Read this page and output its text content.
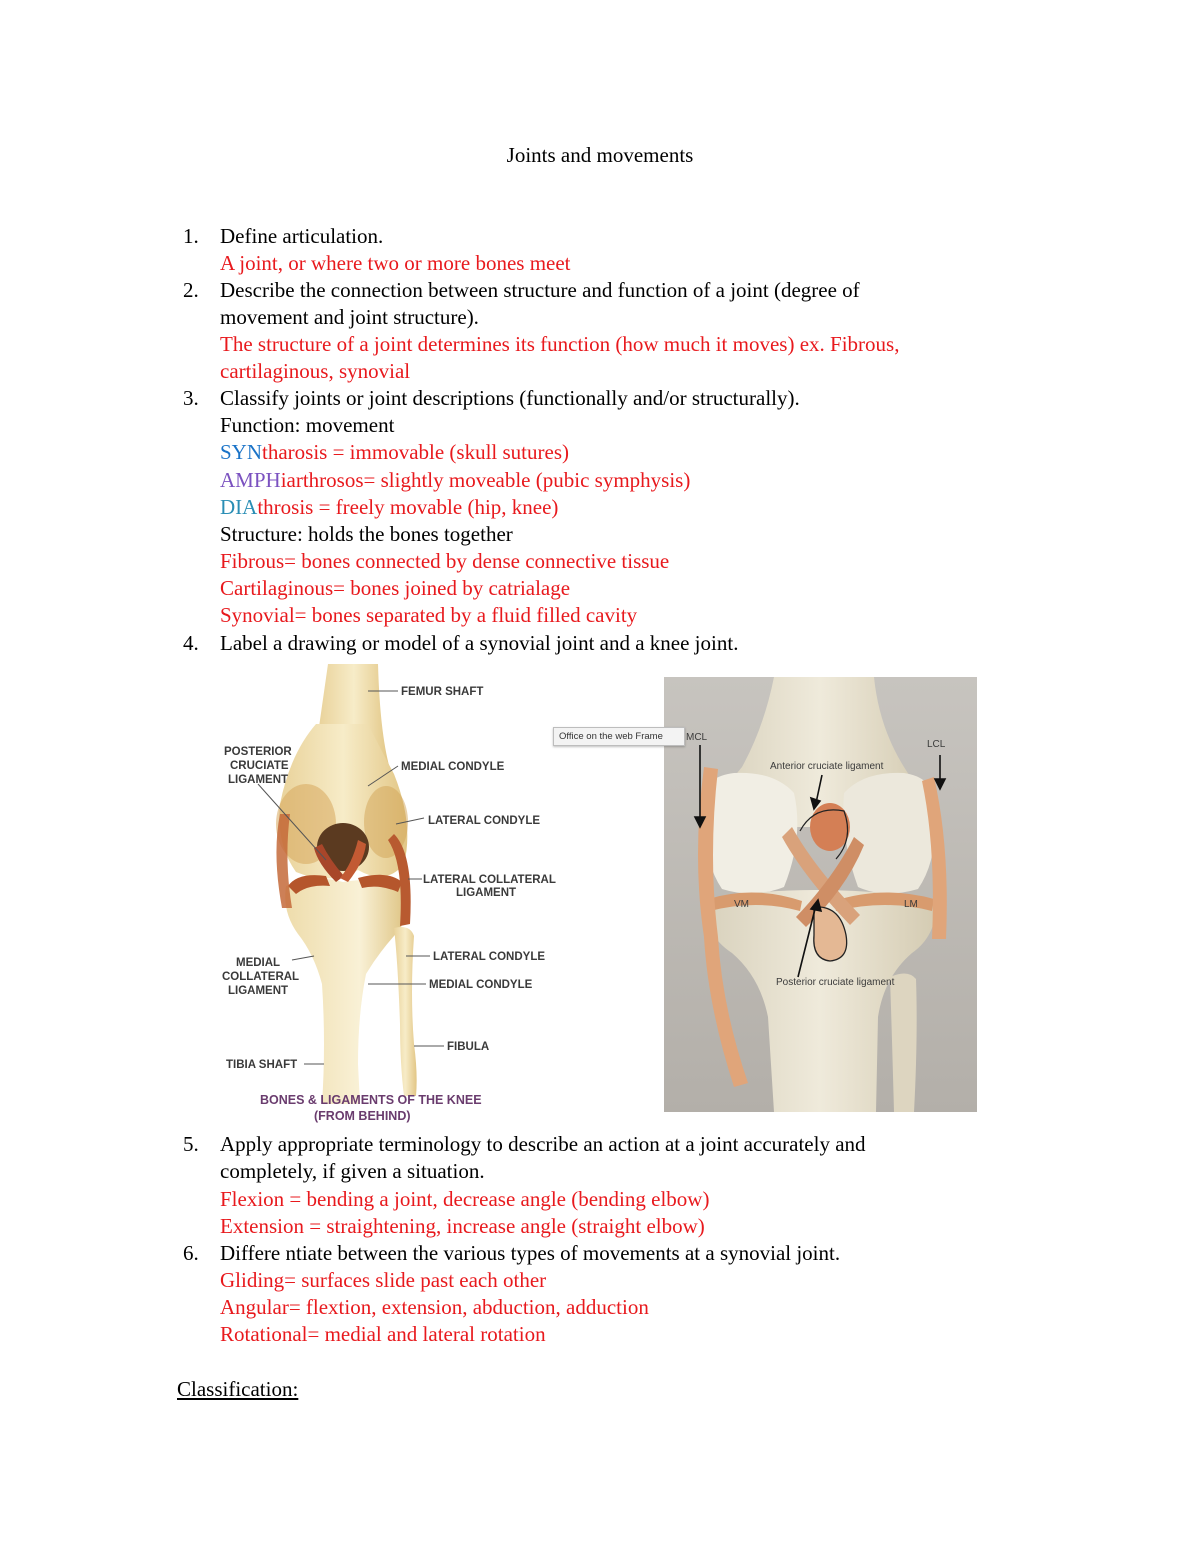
Joints and movements
1. Define articulation.
A joint, or where two or more bones meet
2. Describe the connection between structure and function of a joint (degree of
movement and joint structure).
The structure of a joint determines its function (how much it moves) ex. Fibrous,
cartilaginous, synovial
3. Classify joints or joint descriptions (functionally and/or structurally).
Function: movement
SYNtharosis = immovable (skull sutures)
AMPHiarthrosos= slightly moveable (pubic symphysis)
DIAthrosis = freely movable (hip, knee)
Structure: holds the bones together
Fibrous= bones connected by dense connective tissue
Cartilaginous= bones joined by catrialage
Synovial= bones separated by a fluid filled cavity
4. Label a drawing or model of a synovial joint and a knee joint.
FEMUR SHAFT
POSTERIOR
CRUCIATE
LIGAMENT
MEDIAL CONDYLE
LATERAL CONDYLE
LATERAL COLLATERAL
LIGAMENT
MEDIAL
COLLATERAL
LIGAMENT
LATERAL CONDYLE
MEDIAL CONDYLE
FIBULA
TIBIA SHAFT
BONES & LIGAMENTS OF THE KNEE
(FROM BEHIND)
MCL
LCL
Anterior cruciate ligament
VM	LM
Posterior cruciate ligament
Office on the web Frame
5. Apply appropriate terminology to describe an action at a joint accurately and
completely, if given a situation.
Flexion = bending a joint, decrease angle (bending elbow)
Extension = straightening, increase angle (straight elbow)
6. Differe ntiate between the various types of movements at a synovial joint.
Gliding= surfaces slide past each other
Angular= flextion, extension, abduction, adduction
Rotational= medial and lateral rotation
Classification:
